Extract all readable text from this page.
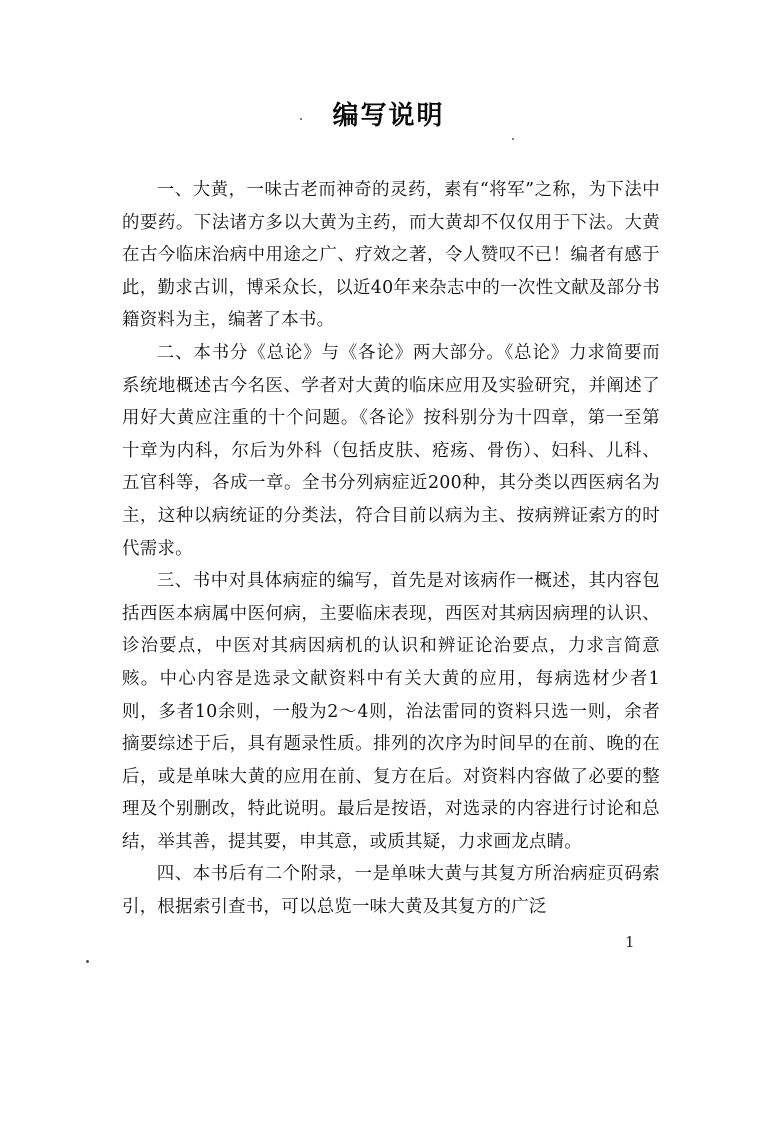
编写说明

一、大黄，一味古老而神奇的灵药，素有“将军”之称，为下法中的要药。下法诸方多以大黄为主药，而大黄却不仅仅用于下法。大黄在古今临床治病中用途之广、疗效之著，令人赞叹不已！编者有感于此，勤求古训，博采众长，以近40年来杂志中的一次性文献及部分书籍资料为主，编著了本书。

二、本书分《总论》与《各论》两大部分。《总论》力求简要而系统地概述古今名医、学者对大黄的临床应用及实验研究，并阐述了用好大黄应注重的十个问题。《各论》按科别分为十四章，第一至第十章为内科，尔后为外科（包括皮肤、疮疡、骨伤）、妇科、儿科、五官科等，各成一章。全书分列病症近200种，其分类以西医病名为主，这种以病统证的分类法，符合目前以病为主、按病辨证索方的时代需求。

三、书中对具体病症的编写，首先是对该病作一概述，其内容包括西医本病属中医何病，主要临床表现，西医对其病因病理的认识、诊治要点，中医对其病因病机的认识和辨证论治要点，力求言简意赅。中心内容是选录文献资料中有关大黄的应用，每病选材少者1则，多者10余则，一般为2～4则，治法雷同的资料只选一则，余者摘要综述于后，具有题录性质。排列的次序为时间早的在前、晚的在后，或是单味大黄的应用在前、复方在后。对资料内容做了必要的整理及个别删改，特此说明。最后是按语，对选录的内容进行讨论和总结，举其善，提其要，申其意，或质其疑，力求画龙点睛。

四、本书后有二个附录，一是单味大黄与其复方所治病症页码索引，根据索引查书，可以总览一味大黄及其复方的广泛

1
